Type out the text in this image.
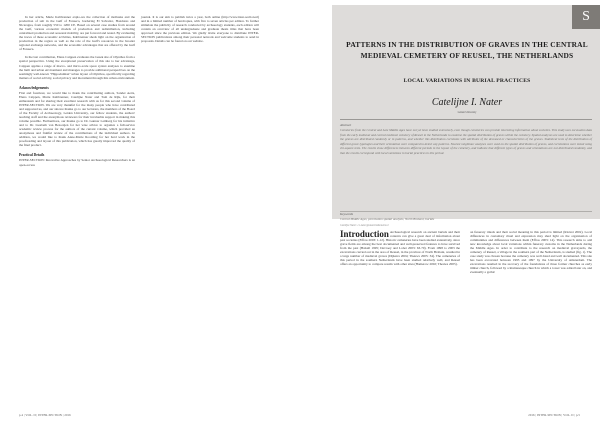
In her article, Marie Kaltbrenner explo-res the collection of mollusks and the production of salt in the Gulf of Fonseca, bordering El Salvador, Honduras and Nicaragua, from roughly 550 to 1200 CE. Based on several case studies from around the Gulf, various economic models of production and redistribution, including centralized production and seasonal mobility, are put forward and tested. By evaluating the traces of these economic activities, Kaltbrenner sheds light on the organization of production in the region as well as the role of the Gulf's resources in the broader regional exchange networks, and the economic advantages that are offered by the Gulf of Fonseca.

In the last contribution, Elena Caippen evaluates the Greek site of Olynthos from a spatial perspective. Using the exceptional preservation of this site to her advantage, Caippen applies a range of macro- and micro-scale space syntax analyses to examine the built and urban environment and manages to provide additional perspectives on the seemingly well-known "Hippodamian" urban layout of Olynthos, specifically regarding matters of social activity, social privacy and movement through this urban environment.

Acknowledgements

First and foremost, we would like to thank the contributing authors, Sander Aerts, Elena Caippen, Marie Kaltbrenner, Catelijne Nater and Tom de Rijk, for their enthusiasm and for sharing their excellent research with us for this second volume of INTER-SECTION. We are very thankful for the many people who have contributed and supported us, and our sincere thanks go to our lecturers, the members of the Board of the Faculty of Archaeology, Leiden University, our fellow students, the authors' teaching staff and the anonymous reviewers for their invaluable support in making this volume possible. Furthermore, our thanks go to Dr. Gunnar Lamberg for his initiative and to Dr. Liesbeth van Bezooijen for her wise advice to organize a full-service academic review process for the authors of the current volume, which provided an anonymous and fruitful review of the contributions of the individual authors. In addition, we would like to thank Anne-Marie Roording for her hard work in the proofreading and layout of this publication, which has greatly improved the quality of the final product.

Practical Details

INTER-SECTION: Innovative Approaches by Senior Archaeological Researchers is an open-access

journal. It is our aim to publish twice a year, both online (http://www.inter-section.nl) and in a limited number of hardcopies, with five to seven articles per edition. To further stimulate the publicity of research conducted by archaeology students, each edition will contain an overview of all undergraduate and graduate thesis titles that have been approved since the previous edition. We gladly invite everyone to distribute INTER-SECTION publications among their personal network and welcome students to send in proposals. Details can be found on our website.

p.4 | VOL. II | INTER-SECTION | 2016
S
PATTERNS IN THE DISTRIBUTION OF GRAVES IN THE CENTRAL MEDIEVAL CEMETERY OF REUSEL, THE NETHERLANDS
LOCAL VARIATIONS IN BURIAL PRACTICES
Catelijne I. Nater
Leiden University
Abstract
Cemeteries from the Central and Late Middle Ages have not yet been studied extensively, even though cemeteries can provide interesting information about societies. This study uses excavation data from the early medieval and central medieval cemetery of Reusel in the Netherlands to examine the spatial distribution of graves within the cemetery. Spatial analyses are used to determine whether the graves are distributed randomly or in patterns, and whether this distribution correlates with attributes of the deceased or characteristics of the graves. Statistical tests of the distribution of different grave typologies and their orientation were compared to detect any patterns. Nearest neighbour analyses were used on the spatial distribution of graves, and correlations were tested using chi-square tests. The results show differences between different periods in the layout of the cemetery, and indicate that different types of graves and orientations are not distributed randomly, and that the results correspond with local variations in burial practices in this period.
Keywords
Central Middle Ages, percolation spatial analysis, North Brabant, burials
Catelijne Nater: c.i.nater@umail.leidenuniv.nl

Introduction Archaeological research on ancient burials and their contexts can give a great deal of information about past societies (Effros 2003: 1-12). Historic cemeteries have been studied extensively, since grave fields are among the best documented and well-preserved features to have survived from the past (Halsall 1995; Devroey and Lobet 2003: 63-70). From 1998 to 2003 the excavations carried out in the area of Reusel, in the province of North Brabant, resulted in a large number of medieval graves (Dijkstra 2004; Theuws 2005: 34). The cemeteries of this period in the southern Netherlands have been studied relatively well, and Reusel offers an opportunity to compare results with other sites (Hamerow 2002; Theuws 2005).

on funerary rituals and their social meaning in this period is limited (Ristvet 2002). Local differences in customary ritual and expression may shed light on the organisation of communities and differences between them (Effros 2003: 14). This research aims to add new knowledge about local variations within funerary customs in the Netherlands during the Middle Ages. In order to contribute to the research on medieval graveyards, the cemetery of Reusel, a village in the southern part of the Netherlands, is studied (fig. 1). The case study was chosen because the cemetery was well dated and well documented. This site has been excavated between 1995 and 1997 by the University of Amsterdam. The excavations resulted in the recovery of the foundations of three former churches as early timber church, followed by a Romanesque church in which a tower was added later on, and eventually a gothic

2016 | INTER-SECTION | VOL. II | p.5
